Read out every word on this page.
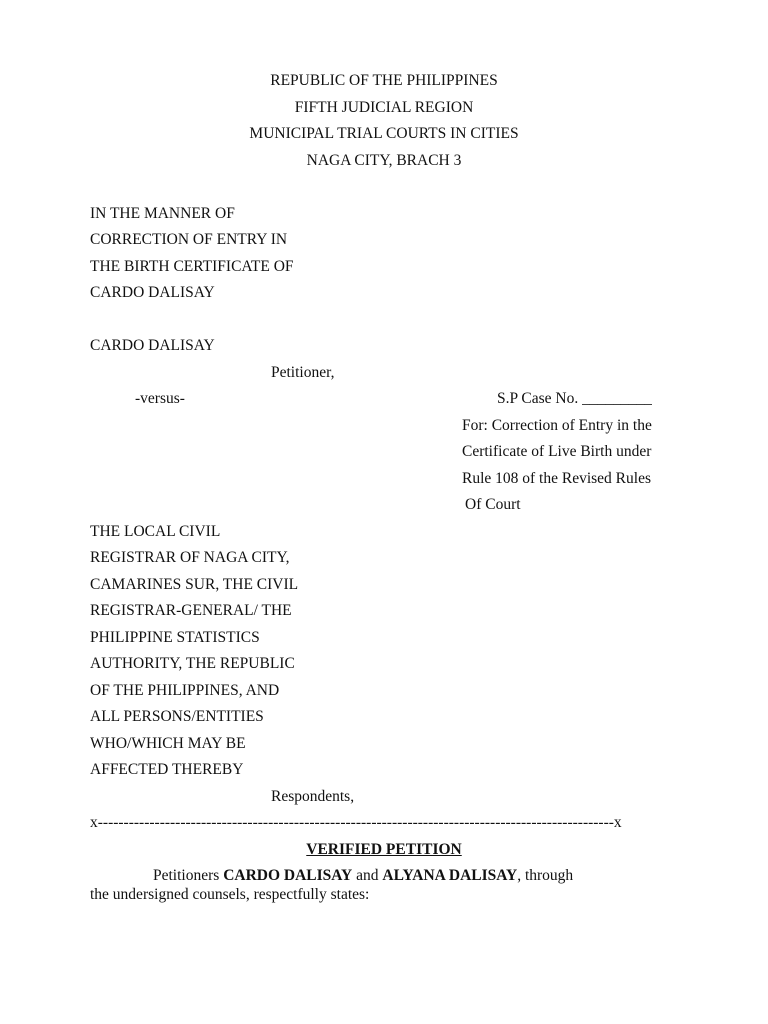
REPUBLIC OF THE PHILIPPINES
FIFTH JUDICIAL REGION
MUNICIPAL TRIAL COURTS IN CITIES
NAGA CITY, BRACH 3
IN THE MANNER OF
CORRECTION OF ENTRY IN
THE BIRTH CERTIFICATE OF
CARDO DALISAY
CARDO DALISAY
Petitioner,
-versus-	S.P Case No. _________
For: Correction of Entry in the
Certificate of Live Birth under
Rule 108 of the Revised Rules
Of Court
THE LOCAL CIVIL
REGISTRAR OF NAGA CITY,
CAMARINES SUR, THE CIVIL
REGISTRAR-GENERAL/ THE
PHILIPPINE STATISTICS
AUTHORITY, THE REPUBLIC
OF THE PHILIPPINES, AND
ALL PERSONS/ENTITIES
WHO/WHICH MAY BE
AFFECTED THEREBY
Respondents,
x----------------------------------------------------------------------------------------------------x
VERIFIED PETITION
Petitioners CARDO DALISAY and ALYANA DALISAY, through
the undersigned counsels, respectfully states:
